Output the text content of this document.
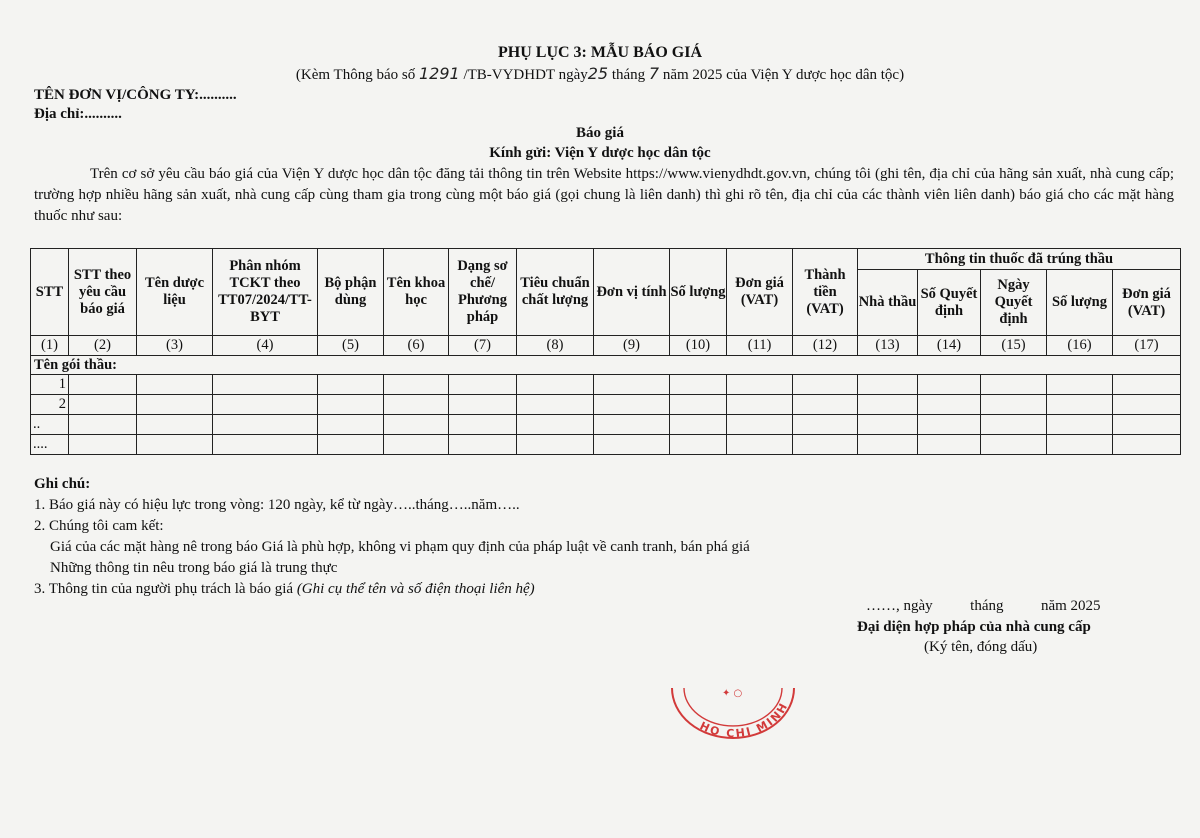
PHỤ LỤC 3: MẪU BÁO GIÁ
(Kèm Thông báo số 1291 /TB-VYDHDT ngày25 tháng 7 năm 2025 của Viện Y dược học dân tộc)
TÊN ĐƠN VỊ/CÔNG TY:..........
Địa chỉ:..........
Báo giá
Kính gửi: Viện Y dược học dân tộc
Trên cơ sở yêu cầu báo giá của Viện Y dược học dân tộc đăng tải thông tin trên Website https://www.vienydhdt.gov.vn, chúng tôi (ghi tên, địa chỉ của hãng sản xuất, nhà cung cấp; trường hợp nhiều hãng sản xuất, nhà cung cấp cùng tham gia trong cùng một báo giá (gọi chung là liên danh) thì ghi rõ tên, địa chỉ của các thành viên liên danh) báo giá cho các mặt hàng thuốc như sau:
STT	STT theo yêu cầu báo giá	Tên dược liệu	Phân nhóm TCKT theo TT07/2024/TT-BYT	Bộ phận dùng	Tên khoa học	Dạng sơ chế/ Phương pháp	Tiêu chuẩn chất lượng	Đơn vị tính	Số lượng	Đơn giá (VAT)	Thành tiền (VAT)	Thông tin thuốc đã trúng thầu				
												Nhà thầu	Số Quyết định	Ngày Quyết định	Số lượng	Đơn giá (VAT)
(1)	(2)	(3)	(4)	(5)	(6)	(7)	(8)	(9)	(10)	(11)	(12)	(13)	(14)	(15)	(16)	(17)
Tên gói thầu:																
1																
2																
..																
....																
Ghi chú:
1. Báo giá này có hiệu lực trong vòng: 120 ngày, kể từ ngày…..tháng…..năm…..
2. Chúng tôi cam kết:
Giá của các mặt hàng nê trong báo Giá là phù hợp, không vi phạm quy định của pháp luật về canh tranh, bán phá giá
Những thông tin nêu trong báo giá là trung thực
3. Thông tin của người phụ trách là báo giá (Ghi cụ thể tên và số điện thoại liên hệ)
……, ngày          tháng          năm 2025
Đại diện hợp pháp của nhà cung cấp
(Ký tên, đóng dấu)
HO CHI MINH
✦ ○
